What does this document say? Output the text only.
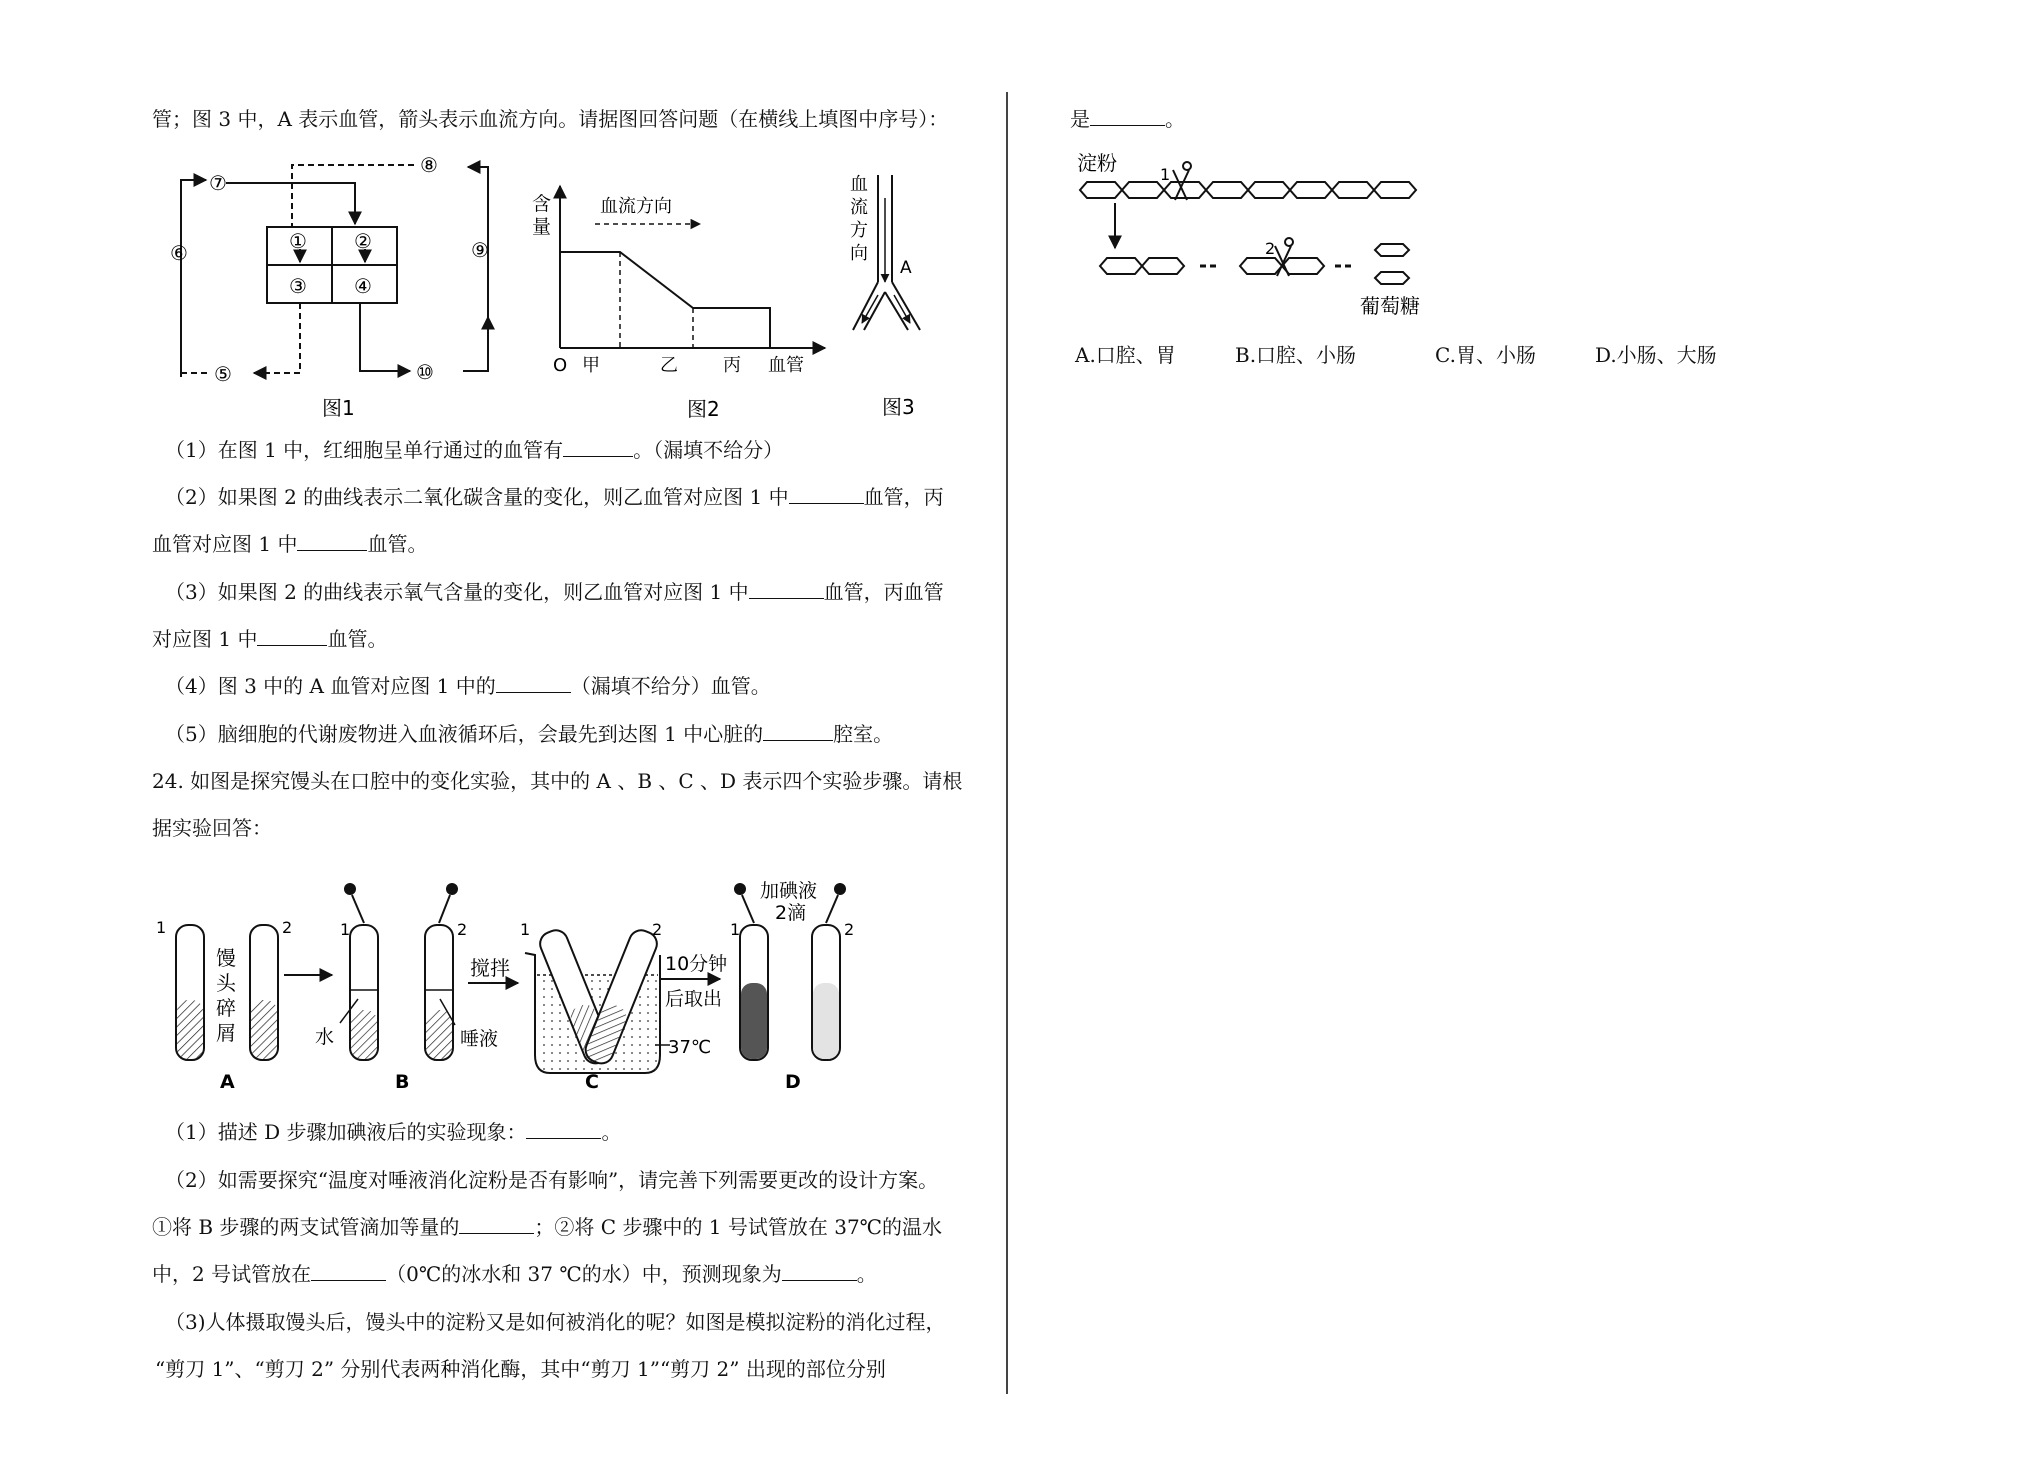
管；图 3 中，A 表示血管，箭头表示血流方向。请据图回答问题（在横线上填图中序号）：
⑦
⑧
⑥	⑨
⑤	⑩
① ②
③ ④
图1
含
量
血流方向
O 甲	乙	丙 血管
图2
血
流
方
向
A
图3
（1）在图 1 中，红细胞呈单行通过的血管有	。（漏填不给分）
（2）如果图 2 的曲线表示二氧化碳含量的变化，则乙血管对应图 1 中	血管，丙
血管对应图 1 中	血管。
（3）如果图 2 的曲线表示氧气含量的变化，则乙血管对应图 1 中	血管，丙血管
对应图 1 中	血管。
（4）图 3 中的 A 血管对应图 1 中的	（漏填不给分）血管。
（5）脑细胞的代谢废物进入血液循环后，会最先到达图 1 中心脏的	腔室。
24. 如图是探究馒头在口腔中的变化实验，其中的 A 、B 、C 、D 表示四个实验步骤。请根
据实验回答：
1	2
馒
头
碎
屑
1	2
水	唾液
搅拌
1	2
37℃
10分钟
后取出
1	2
加碘液
2滴
A	B	C	D
（1）描述 D 步骤加碘液后的实验现象：	。
（2）如需要探究“温度对唾液消化淀粉是否有影响”，请完善下列需要更改的设计方案。
①将 B 步骤的两支试管滴加等量的	；②将 C 步骤中的 1 号试管放在 37℃的温水
中，2 号试管放在	（0℃的冰水和 37 ℃的水）中，预测现象为	。
（3)人体摄取馒头后，馒头中的淀粉又是如何被消化的呢？如图是模拟淀粉的消化过程，
“剪刀 1”、“剪刀 2” 分别代表两种消化酶，其中“剪刀 1”“剪刀 2” 出现的部位分别
是	。
淀粉	1
2
葡萄糖
A.口腔、胃	B.口腔、小肠	C.胃、小肠	D.小肠、大肠
